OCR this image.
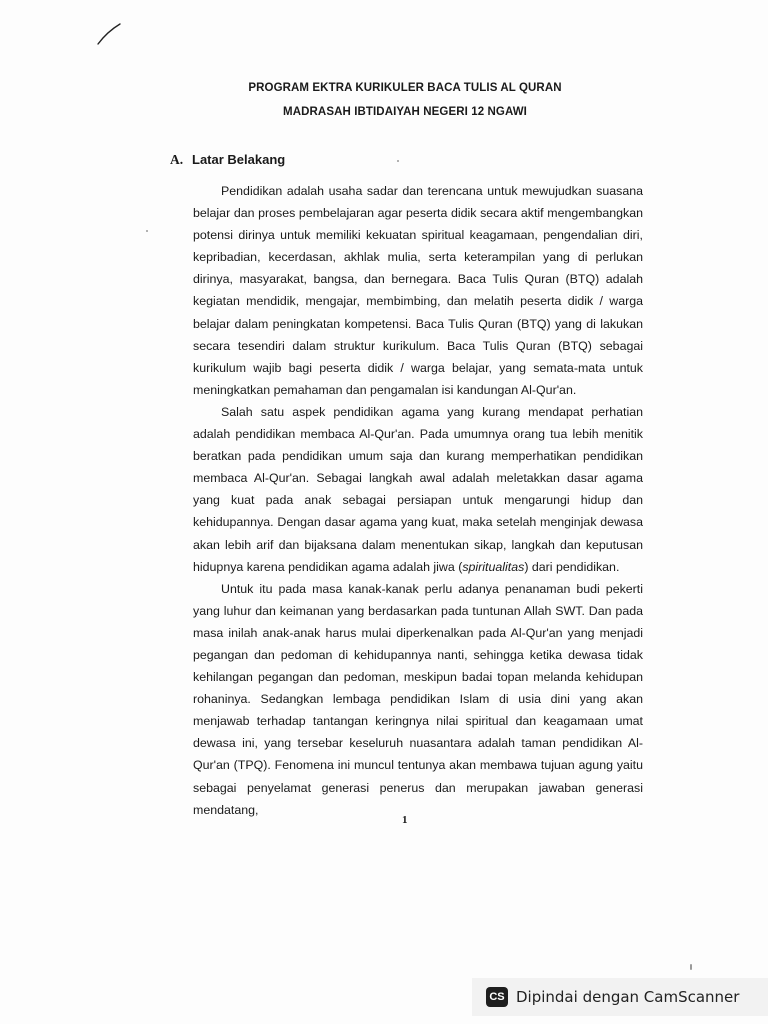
PROGRAM EKTRA KURIKULER BACA TULIS AL QURAN
MADRASAH IBTIDAIYAH NEGERI 12 NGAWI
A. Latar Belakang

Pendidikan adalah usaha sadar dan terencana untuk mewujudkan suasana belajar dan proses pembelajaran agar peserta didik secara aktif mengembangkan potensi dirinya untuk memiliki kekuatan spiritual keagamaan, pengendalian diri, kepribadian, kecerdasan, akhlak mulia, serta keterampilan yang di perlukan dirinya, masyarakat, bangsa, dan bernegara. Baca Tulis Quran (BTQ) adalah kegiatan mendidik, mengajar, membimbing, dan melatih peserta didik / warga belajar dalam peningkatan kompetensi. Baca Tulis Quran (BTQ) yang di lakukan secara tesendiri dalam struktur kurikulum. Baca Tulis Quran (BTQ) sebagai kurikulum wajib bagi peserta didik / warga belajar, yang semata-mata untuk meningkatkan pemahaman dan pengamalan isi kandungan Al-Qur'an.

Salah satu aspek pendidikan agama yang kurang mendapat perhatian adalah pendidikan membaca Al-Qur'an. Pada umumnya orang tua lebih menitik beratkan pada pendidikan umum saja dan kurang memperhatikan pendidikan membaca Al-Qur'an. Sebagai langkah awal adalah meletakkan dasar agama yang kuat pada anak sebagai persiapan untuk mengarungi hidup dan kehidupannya. Dengan dasar agama yang kuat, maka setelah menginjak dewasa akan lebih arif dan bijaksana dalam menentukan sikap, langkah dan keputusan hidupnya karena pendidikan agama adalah jiwa (spiritualitas) dari pendidikan.

Untuk itu pada masa kanak-kanak perlu adanya penanaman budi pekerti yang luhur dan keimanan yang berdasarkan pada tuntunan Allah SWT. Dan pada masa inilah anak-anak harus mulai diperkenalkan pada Al-Qur'an yang menjadi pegangan dan pedoman di kehidupannya nanti, sehingga ketika dewasa tidak kehilangan pegangan dan pedoman, meskipun badai topan melanda kehidupan rohaninya. Sedangkan lembaga pendidikan Islam di usia dini yang akan menjawab terhadap tantangan keringnya nilai spiritual dan keagamaan umat dewasa ini, yang tersebar keseluruh nuasantara adalah taman pendidikan Al-Qur'an (TPQ). Fenomena ini muncul tentunya akan membawa tujuan agung yaitu sebagai penyelamat generasi penerus dan merupakan jawaban generasi mendatang,

1
CS Dipindai dengan CamScanner
